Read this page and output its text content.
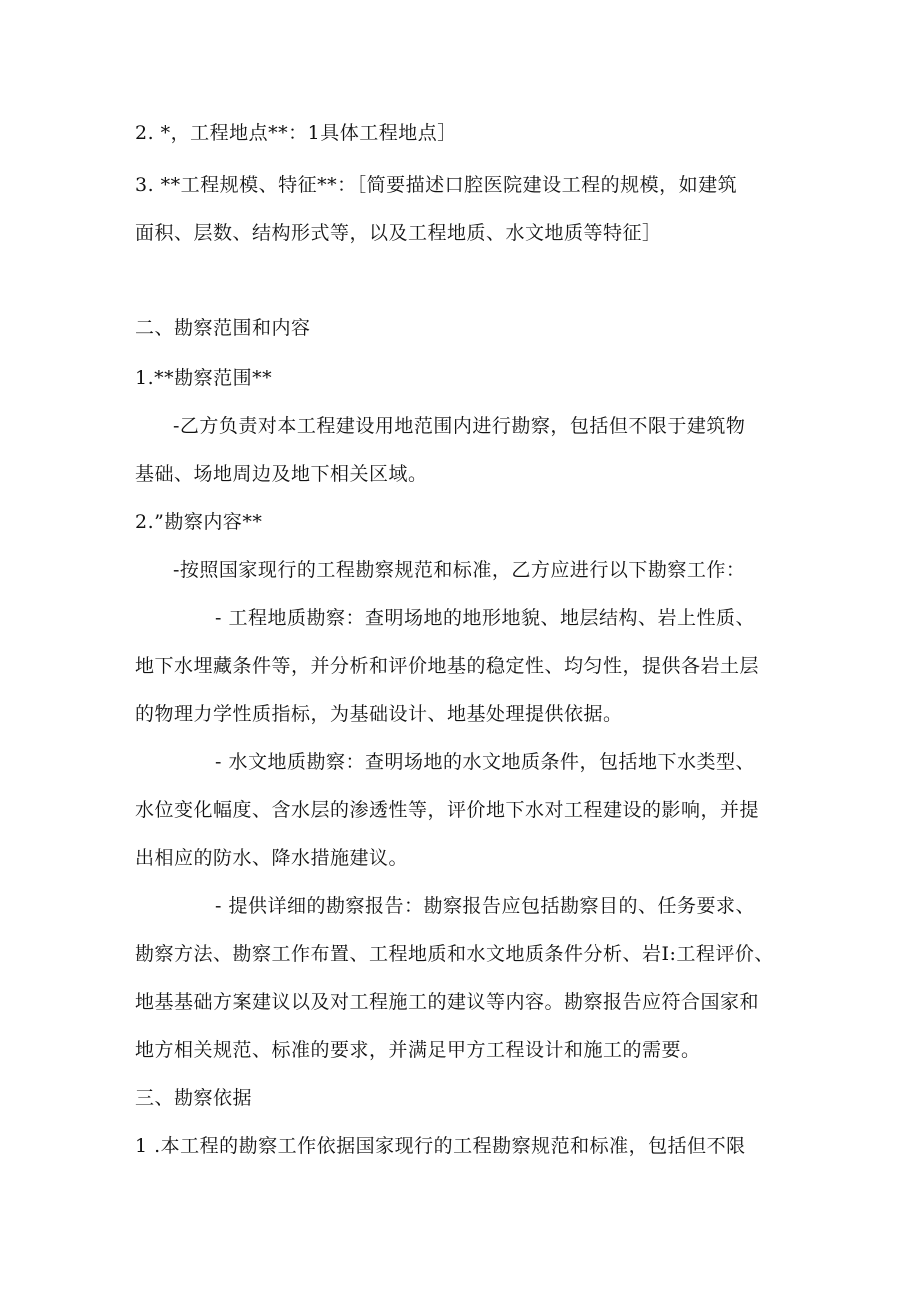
2. *，工程地点**：1具体工程地点］
3. **工程规模、特征**：［简要描述口腔医院建设工程的规模，如建筑
面积、层数、结构形式等，以及工程地质、水文地质等特征］
二、勘察范围和内容
1.**勘察范围**
-乙方负责对本工程建设用地范围内进行勘察，包括但不限于建筑物
基础、场地周边及地下相关区域。
2.”勘察内容**
-按照国家现行的工程勘察规范和标准，乙方应进行以下勘察工作：
- 工程地质勘察：查明场地的地形地貌、地层结构、岩上性质、
地下水埋藏条件等，并分析和评价地基的稳定性、均匀性，提供各岩土层
的物理力学性质指标，为基础设计、地基处理提供依据。
- 水文地质勘察：查明场地的水文地质条件，包括地下水类型、
水位变化幅度、含水层的渗透性等，评价地下水对工程建设的影响，并提
出相应的防水、降水措施建议。
- 提供详细的勘察报告：勘察报告应包括勘察目的、任务要求、
勘察方法、勘察工作布置、工程地质和水文地质条件分析、岩I:工程评价、
地基基础方案建议以及对工程施工的建议等内容。勘察报告应符合国家和
地方相关规范、标准的要求，并满足甲方工程设计和施工的需要。
三、勘察依据
1 .本工程的勘察工作依据国家现行的工程勘察规范和标准，包括但不限
